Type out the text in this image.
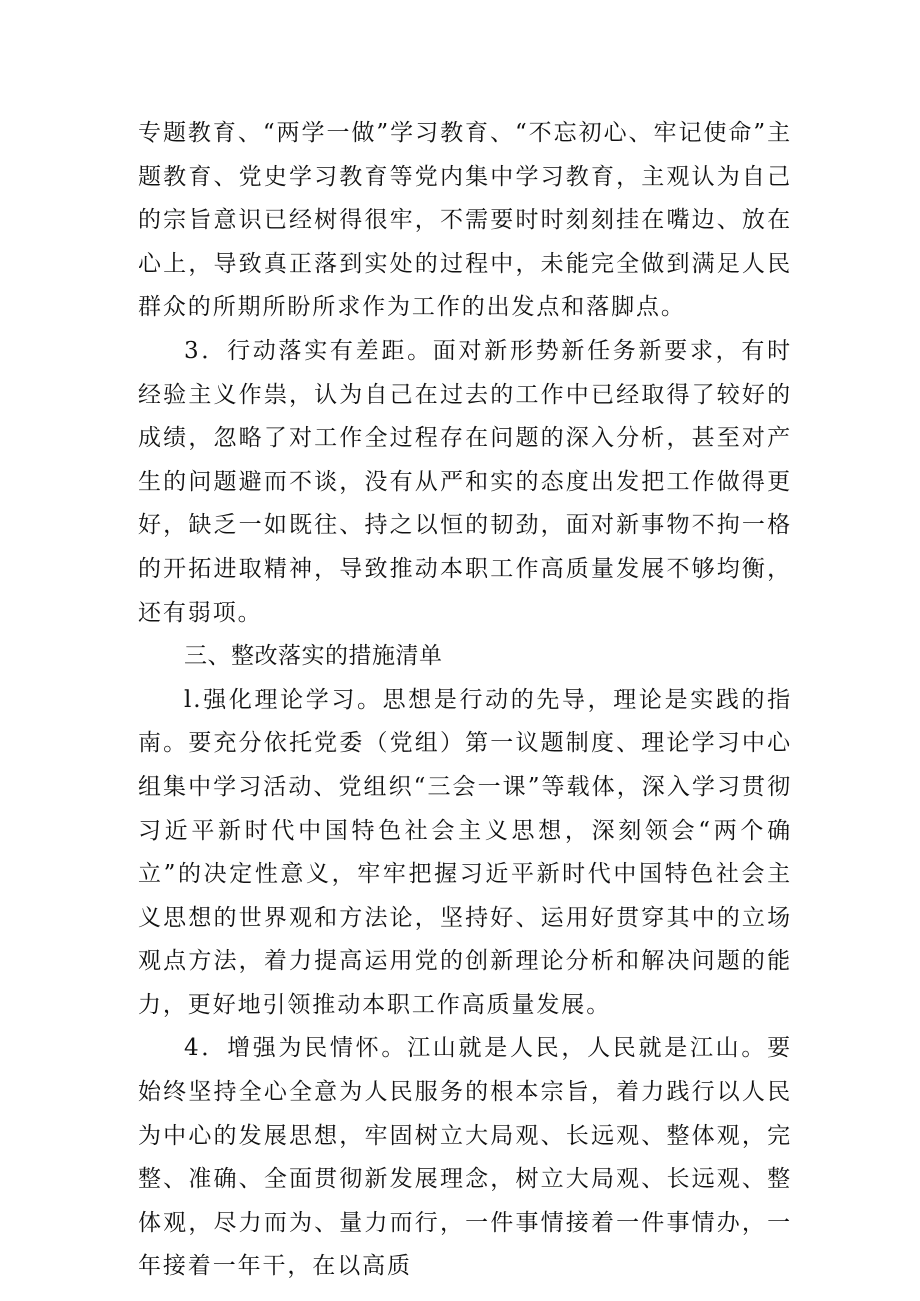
专题教育、“两学一做”学习教育、“不忘初心、牢记使命”主题教育、党史学习教育等党内集中学习教育，主观认为自己的宗旨意识已经树得很牢，不需要时时刻刻挂在嘴边、放在心上，导致真正落到实处的过程中，未能完全做到满足人民群众的所期所盼所求作为工作的出发点和落脚点。

3．行动落实有差距。面对新形势新任务新要求，有时经验主义作祟，认为自己在过去的工作中已经取得了较好的成绩，忽略了对工作全过程存在问题的深入分析，甚至对产生的问题避而不谈，没有从严和实的态度出发把工作做得更好，缺乏一如既往、持之以恒的韧劲，面对新事物不拘一格的开拓进取精神，导致推动本职工作高质量发展不够均衡，还有弱项。

三、整改落实的措施清单

l.强化理论学习。思想是行动的先导，理论是实践的指南。要充分依托党委（党组）第一议题制度、理论学习中心组集中学习活动、党组织“三会一课”等载体，深入学习贯彻习近平新时代中国特色社会主义思想，深刻领会“两个确立”的决定性意义，牢牢把握习近平新时代中国特色社会主义思想的世界观和方法论，坚持好、运用好贯穿其中的立场观点方法，着力提高运用党的创新理论分析和解决问题的能力，更好地引领推动本职工作高质量发展。

4．增强为民情怀。江山就是人民，人民就是江山。要始终坚持全心全意为人民服务的根本宗旨，着力践行以人民为中心的发展思想，牢固树立大局观、长远观、整体观，完整、准确、全面贯彻新发展理念，树立大局观、长远观、整体观，尽力而为、量力而行，一件事情接着一件事情办，一年接着一年干，在以高质
